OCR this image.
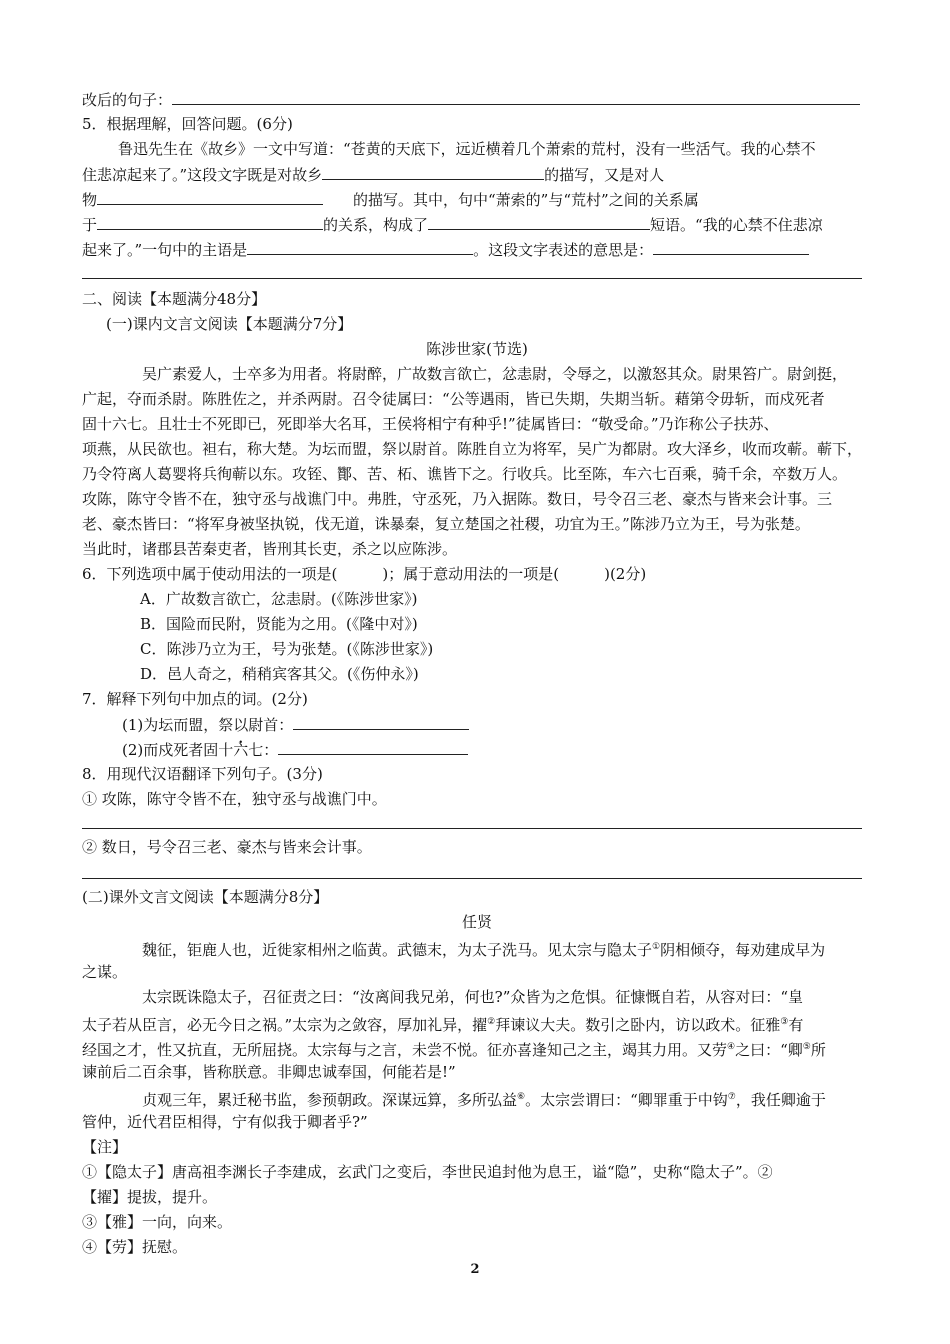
改后的句子：
5．根据理解，回答问题。(6分)
鲁迅先生在《故乡》一文中写道：“苍黄的天底下，远近横着几个萧索的荒村，没有一些活气。我的心禁不
住悲凉起来了。”这段文字既是对故乡	的描写，又是对人
物	的描写。其中，句中“萧索的”与“荒村”之间的关系属
于	的关系，构成了	短语。“我的心禁不住悲凉
起来了。”一句中的主语是	。这段文字表述的意思是：
二、阅读【本题满分48分】
(一)课内文言文阅读【本题满分7分】
陈涉世家(节选)
吴广素爱人，士卒多为用者。将尉醉，广故数言欲亡，忿恚尉，令辱之，以激怒其众。尉果笞广。尉剑挺，
广起，夺而杀尉。陈胜佐之，并杀两尉。召令徒属曰：“公等遇雨，皆已失期，失期当斩。藉第令毋斩，而戍死者
固十六七。且壮士不死即已，死即举大名耳，王侯将相宁有种乎!”徒属皆曰：“敬受命。”乃诈称公子扶苏、
项燕，从民欲也。袒右，称大楚。为坛而盟，祭以尉首。陈胜自立为将军，吴广为都尉。攻大泽乡，收而攻蕲。蕲下，
乃令符离人葛婴将兵徇蕲以东。攻铚、酇、苦、柘、谯皆下之。行收兵。比至陈，车六七百乘，骑千余，卒数万人。
攻陈，陈守令皆不在，独守丞与战谯门中。弗胜，守丞死，乃入据陈。数日，号令召三老、豪杰与皆来会计事。三
老、豪杰皆曰：“将军身被坚执锐，伐无道，诛暴秦，复立楚国之社稷，功宜为王。”陈涉乃立为王，号为张楚。
当此时，诸郡县苦秦吏者，皆刑其长吏，杀之以应陈涉。
6．下列选项中属于使动用法的一项是(　　　)；属于意动用法的一项是(　　　)(2分)
A．广故数言欲亡，忿恚尉。(《陈涉世家》)
B．国险而民附，贤能为之用。(《隆中对》)
C．陈涉乃立为王，号为张楚。(《陈涉世家》)
D．邑人奇之，稍稍宾客其父。(《伤仲永》)
7．解释下列句中加点的词。(2分)
(1)为坛而盟，祭以尉首：
(2)而戍死者固十六七：
8．用现代汉语翻译下列句子。(3分)
① 攻陈，陈守令皆不在，独守丞与战谯门中。
② 数日，号令召三老、豪杰与皆来会计事。
(二)课外文言文阅读【本题满分8分】
任贤
魏征，钜鹿人也，近徙家相州之临黄。武德末，为太子洗马。见太宗与隐太子①阴相倾夺，每劝建成早为
之谋。
太宗既诛隐太子，召征责之曰：“汝离间我兄弟，何也?”众皆为之危惧。征慷慨自若，从容对曰：“皇
太子若从臣言，必无今日之祸。”太宗为之敛容，厚加礼异，擢②拜谏议大夫。数引之卧内，访以政术。征雅③有
经国之才，性又抗直，无所屈挠。太宗每与之言，未尝不悦。征亦喜逢知己之主，竭其力用。又劳④之曰：“卿⑤所
谏前后二百余事，皆称朕意。非卿忠诚奉国，何能若是!”
贞观三年，累迁秘书监，参预朝政。深谋远算，多所弘益⑥。太宗尝谓曰：“卿罪重于中钩⑦，我任卿逾于
管仲，近代君臣相得，宁有似我于卿者乎?”
【注】
①【隐太子】唐高祖李渊长子李建成，玄武门之变后，李世民追封他为息王，谥“隐”，史称“隐太子”。②
【擢】提拔，提升。
③【雅】一向，向来。
④【劳】抚慰。
2
